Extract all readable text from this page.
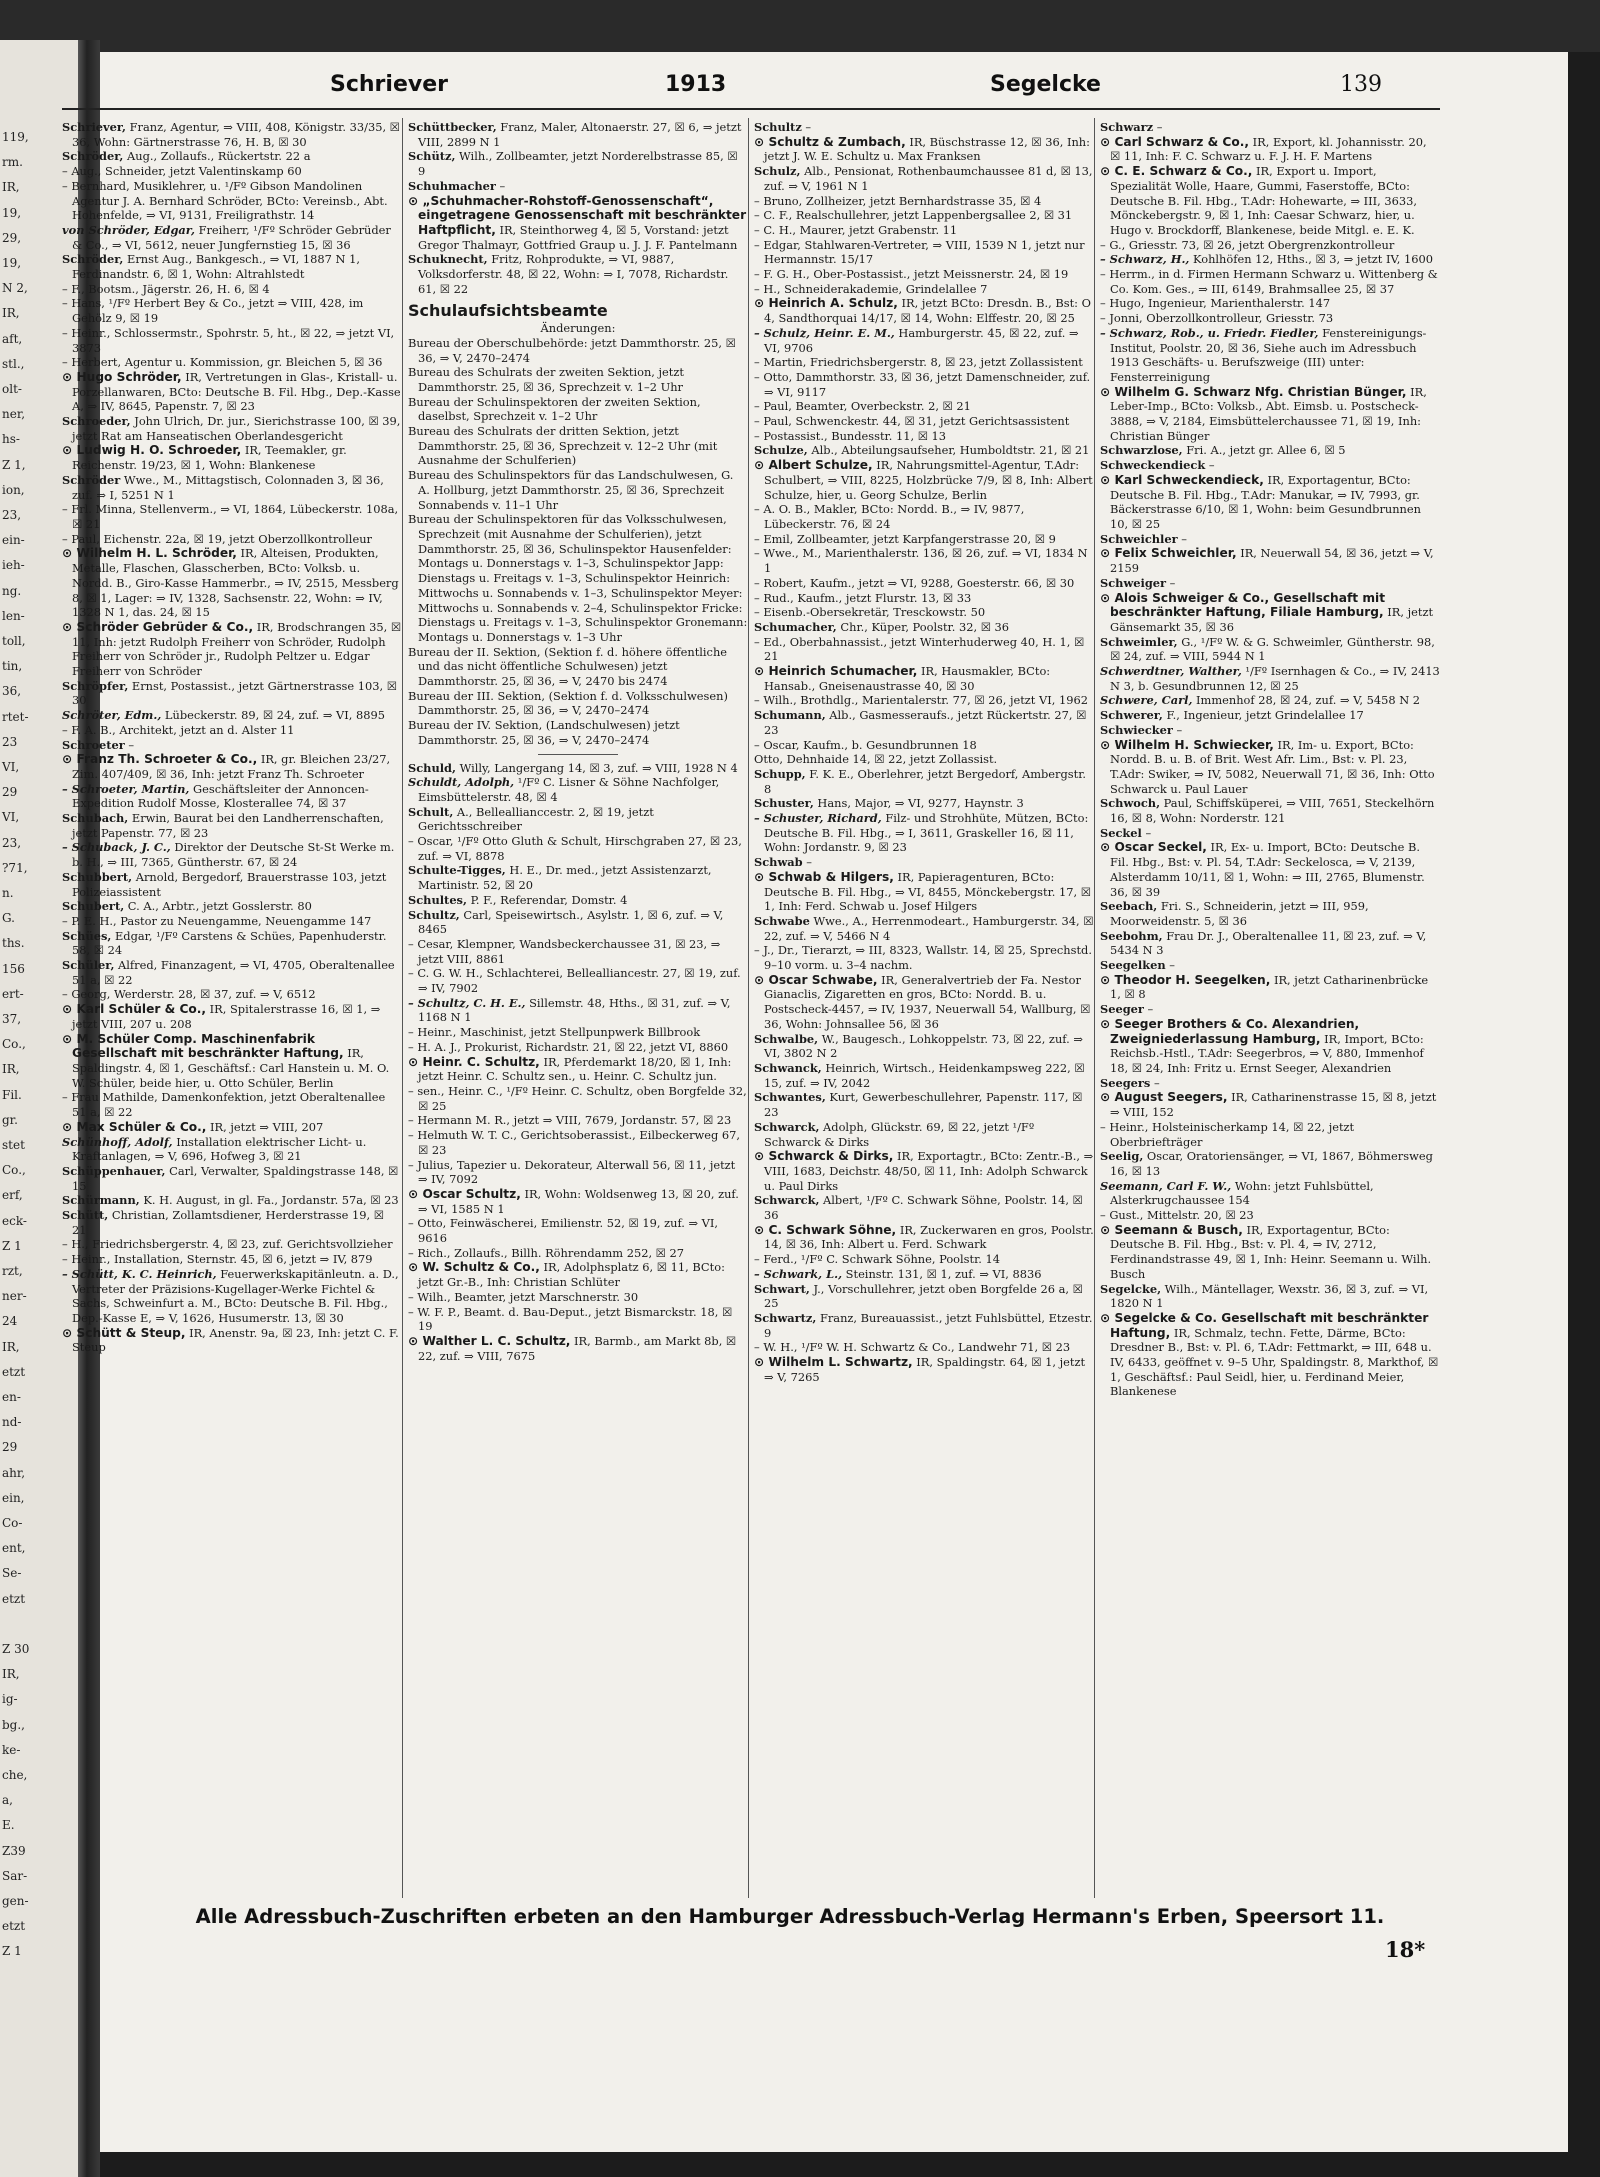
119,
rm.
IR,
19,
29,
19,
N 2,
IR,
aft,
stl.,
olt-
ner,
hs-
Z 1,
ion,
23,
ein-
ieh-
ng.
len-
toll,
tin,
36,
rtet-
23
VI,
29
VI,
23,
?71,
n.
G.
ths.
156
ert-
37,
Co.,
IR,
Fil.
gr.
stet
Co.,
erf,
eck-
Z 1
rzt,
ner-
24
IR,
etzt
en-
nd-
29
ahr,
ein,
Co-
ent,
Se-
etzt
Z 30
IR,
ig-
bg.,
ke-
che,
a,
E.
Z39
Sar-
gen-
etzt
Z 1
Schriever	1913	Segelcke	139
Schriever, Franz, Agentur, ⇒ VIII, 408, Königstr. 33/35, ☒ 36, Wohn: Gärtnerstrasse 76, H. B, ☒ 30
Schröder, Aug., Zollaufs., Rückertstr. 22 a
– Aug., Schneider, jetzt Valentinskamp 60
– Bernhard, Musiklehrer, u. ¹/Fº Gibson Mandolinen Agentur J. A. Bernhard Schröder, BCto: Vereinsb., Abt. Hohenfelde, ⇒ VI, 9131, Freiligrathstr. 14
von Schröder, Edgar, Freiherr, ¹/Fº Schröder Gebrüder & Co., ⇒ VI, 5612, neuer Jungfernstieg 15, ☒ 36
Schröder, Ernst Aug., Bankgesch., ⇒ VI, 1887 N 1, Ferdinandstr. 6, ☒ 1, Wohn: Altrahlstedt
– F., Bootsm., Jägerstr. 26, H. 6, ☒ 4
– Hans, ¹/Fº Herbert Bey & Co., jetzt ⇒ VIII, 428, im Gehölz 9, ☒ 19
– Heinr., Schlossermstr., Spohrstr. 5, ht., ☒ 22, ⇒ jetzt VI, 3873
– Herbert, Agentur u. Kommission, gr. Bleichen 5, ☒ 36
⊙ Hugo Schröder, IR, Vertretungen in Glas-, Kristall- u. Porzellanwaren, BCto: Deutsche B. Fil. Hbg., Dep.-Kasse A, ⇒ IV, 8645, Papenstr. 7, ☒ 23
Schroeder, John Ulrich, Dr. jur., Sierichstrasse 100, ☒ 39, jetzt Rat am Hanseatischen Oberlandesgericht
⊙ Ludwig H. O. Schroeder, IR, Teemakler, gr. Reichenstr. 19/23, ☒ 1, Wohn: Blankenese
Schröder Wwe., M., Mittagstisch, Colonnaden 3, ☒ 36, zuf. ⇒ I, 5251 N 1
– Frl. Minna, Stellenverm., ⇒ VI, 1864, Lübeckerstr. 108a, ☒ 21
– Paul, Eichenstr. 22a, ☒ 19, jetzt Oberzollkontrolleur
⊙ Wilhelm H. L. Schröder, IR, Alteisen, Produkten, Metalle, Flaschen, Glasscherben, BCto: Volksb. u. Nordd. B., Giro-Kasse Hammerbr., ⇒ IV, 2515, Messberg 8, ☒ 1, Lager: ⇒ IV, 1328, Sachsenstr. 22, Wohn: ⇒ IV, 1328 N 1, das. 24, ☒ 15
⊙ Schröder Gebrüder & Co., IR, Brodschrangen 35, ☒ 11, Inh: jetzt Rudolph Freiherr von Schröder, Rudolph Freiherr von Schröder jr., Rudolph Peltzer u. Edgar Freiherr von Schröder
Schröpfer, Ernst, Postassist., jetzt Gärtnerstrasse 103, ☒ 30
Schröter, Edm., Lübeckerstr. 89, ☒ 24, zuf. ⇒ VI, 8895
– F. A. B., Architekt, jetzt an d. Alster 11
Schroeter –
⊙ Franz Th. Schroeter & Co., IR, gr. Bleichen 23/27, Zim. 407/409, ☒ 36, Inh: jetzt Franz Th. Schroeter
– Schroeter, Martin, Geschäftsleiter der Annoncen-Expedition Rudolf Mosse, Klosterallee 74, ☒ 37
Schubach, Erwin, Baurat bei den Landherrenschaften, jetzt Papenstr. 77, ☒ 23
– Schuback, J. C., Direktor der Deutsche St-St Werke m. b. H., ⇒ III, 7365, Güntherstr. 67, ☒ 24
Schubbert, Arnold, Bergedorf, Brauerstrasse 103, jetzt Polizeiassistent
Schubert, C. A., Arbtr., jetzt Gosslerstr. 80
– P. E. H., Pastor zu Neuengamme, Neuengamme 147
Schües, Edgar, ¹/Fº Carstens & Schües, Papenhuderstr. 58, ☒ 24
Schüler, Alfred, Finanzagent, ⇒ VI, 4705, Oberaltenallee 51 a, ☒ 22
– Georg, Werderstr. 28, ☒ 37, zuf. ⇒ V, 6512
⊙ Karl Schüler & Co., IR, Spitalerstrasse 16, ☒ 1, ⇒ jetzt VIII, 207 u. 208
⊙ M. Schüler Comp. Maschinenfabrik Gesellschaft mit beschränkter Haftung, IR, Spaldingstr. 4, ☒ 1, Geschäftsf.: Carl Hanstein u. M. O. W. Schüler, beide hier, u. Otto Schüler, Berlin
– Frau Mathilde, Damenkonfektion, jetzt Oberaltenallee 51 a, ☒ 22
⊙ Max Schüler & Co., IR, jetzt ⇒ VIII, 207
Schünhoff, Adolf, Installation elektrischer Licht- u. Kraftanlagen, ⇒ V, 696, Hofweg 3, ☒ 21
Schüppenhauer, Carl, Verwalter, Spaldingstrasse 148, ☒ 15
Schürmann, K. H. August, in gl. Fa., Jordanstr. 57a, ☒ 23
Schütt, Christian, Zollamtsdiener, Herderstrasse 19, ☒ 21
– H., Friedrichsbergerstr. 4, ☒ 23, zuf. Gerichtsvollzieher
– Heinr., Installation, Sternstr. 45, ☒ 6, jetzt ⇒ IV, 879
– Schütt, K. C. Heinrich, Feuerwerkskapitänleutn. a. D., Vertreter der Präzisions-Kugellager-Werke Fichtel & Sachs, Schweinfurt a. M., BCto: Deutsche B. Fil. Hbg., Dep.-Kasse E, ⇒ V, 1626, Husumerstr. 13, ☒ 30
⊙ Schütt & Steup, IR, Anenstr. 9a, ☒ 23, Inh: jetzt C. F. Steup
Schüttbecker, Franz, Maler, Altonaerstr. 27, ☒ 6, ⇒ jetzt VIII, 2899 N 1
Schütz, Wilh., Zollbeamter, jetzt Norderelbstrasse 85, ☒ 9
Schuhmacher –
⊙ „Schuhmacher-Rohstoff-Genossenschaft“, eingetragene Genossenschaft mit beschränkter Haftpflicht, IR, Steinthorweg 4, ☒ 5, Vorstand: jetzt Gregor Thalmayr, Gottfried Graup u. J. J. F. Pantelmann
Schuknecht, Fritz, Rohprodukte, ⇒ VI, 9887, Volksdorferstr. 48, ☒ 22, Wohn: ⇒ I, 7078, Richardstr. 61, ☒ 22
Schulaufsichtsbeamte
Änderungen:
Bureau der Oberschulbehörde: jetzt Dammthorstr. 25, ☒ 36, ⇒ V, 2470–2474
Bureau des Schulrats der zweiten Sektion, jetzt Dammthorstr. 25, ☒ 36, Sprechzeit v. 1–2 Uhr
Bureau der Schulinspektoren der zweiten Sektion, daselbst, Sprechzeit v. 1–2 Uhr
Bureau des Schulrats der dritten Sektion, jetzt Dammthorstr. 25, ☒ 36, Sprechzeit v. 12–2 Uhr (mit Ausnahme der Schulferien)
Bureau des Schulinspektors für das Landschulwesen, G. A. Hollburg, jetzt Dammthorstr. 25, ☒ 36, Sprechzeit Sonnabends v. 11–1 Uhr
Bureau der Schulinspektoren für das Volksschulwesen, Sprechzeit (mit Ausnahme der Schulferien), jetzt Dammthorstr. 25, ☒ 36, Schulinspektor Hausenfelder: Montags u. Donnerstags v. 1–3, Schulinspektor Japp: Dienstags u. Freitags v. 1–3, Schulinspektor Heinrich: Mittwochs u. Sonnabends v. 1–3, Schulinspektor Meyer: Mittwochs u. Sonnabends v. 2–4, Schulinspektor Fricke: Dienstags u. Freitags v. 1–3, Schulinspektor Gronemann: Montags u. Donnerstags v. 1–3 Uhr
Bureau der II. Sektion, (Sektion f. d. höhere öffentliche und das nicht öffentliche Schulwesen) jetzt Dammthorstr. 25, ☒ 36, ⇒ V, 2470 bis 2474
Bureau der III. Sektion, (Sektion f. d. Volksschulwesen) Dammthorstr. 25, ☒ 36, ⇒ V, 2470–2474
Bureau der IV. Sektion, (Landschulwesen) jetzt Dammthorstr. 25, ☒ 36, ⇒ V, 2470–2474
Schuld, Willy, Langergang 14, ☒ 3, zuf. ⇒ VIII, 1928 N 4
Schuldt, Adolph, ¹/Fº C. Lisner & Söhne Nachfolger, Eimsbüttelerstr. 48, ☒ 4
Schult, A., Belleallianccestr. 2, ☒ 19, jetzt Gerichtsschreiber
– Oscar, ¹/Fº Otto Gluth & Schult, Hirschgraben 27, ☒ 23, zuf. ⇒ VI, 8878
Schulte-Tigges, H. E., Dr. med., jetzt Assistenzarzt, Martinistr. 52, ☒ 20
Schultes, P. F., Referendar, Domstr. 4
Schultz, Carl, Speisewirtsch., Asylstr. 1, ☒ 6, zuf. ⇒ V, 8465
– Cesar, Klempner, Wandsbeckerchaussee 31, ☒ 23, ⇒ jetzt VIII, 8861
– C. G. W. H., Schlachterei, Bellealliancestr. 27, ☒ 19, zuf. ⇒ IV, 7902
– Schultz, C. H. E., Sillemstr. 48, Hths., ☒ 31, zuf. ⇒ V, 1168 N 1
– Heinr., Maschinist, jetzt Stellpunpwerk Billbrook
– H. A. J., Prokurist, Richardstr. 21, ☒ 22, jetzt VI, 8860
⊙ Heinr. C. Schultz, IR, Pferdemarkt 18/20, ☒ 1, Inh: jetzt Heinr. C. Schultz sen., u. Heinr. C. Schultz jun.
– sen., Heinr. C., ¹/Fº Heinr. C. Schultz, oben Borgfelde 32, ☒ 25
– Hermann M. R., jetzt ⇒ VIII, 7679, Jordanstr. 57, ☒ 23
– Helmuth W. T. C., Gerichtsoberassist., Eilbeckerweg 67, ☒ 23
– Julius, Tapezier u. Dekorateur, Alterwall 56, ☒ 11, jetzt ⇒ IV, 7092
⊙ Oscar Schultz, IR, Wohn: Woldsenweg 13, ☒ 20, zuf. ⇒ VI, 1585 N 1
– Otto, Feinwäscherei, Emilienstr. 52, ☒ 19, zuf. ⇒ VI, 9616
– Rich., Zollaufs., Billh. Röhrendamm 252, ☒ 27
⊙ W. Schultz & Co., IR, Adolphsplatz 6, ☒ 11, BCto: jetzt Gr.-B., Inh: Christian Schlüter
– Wilh., Beamter, jetzt Marschnerstr. 30
– W. F. P., Beamt. d. Bau-Deput., jetzt Bismarckstr. 18, ☒ 19
⊙ Walther L. C. Schultz, IR, Barmb., am Markt 8b, ☒ 22, zuf. ⇒ VIII, 7675
Schultz –
⊙ Schultz & Zumbach, IR, Büschstrasse 12, ☒ 36, Inh: jetzt J. W. E. Schultz u. Max Franksen
Schulz, Alb., Pensionat, Rothenbaumchaussee 81 d, ☒ 13, zuf. ⇒ V, 1961 N 1
– Bruno, Zollheizer, jetzt Bernhardstrasse 35, ☒ 4
– C. F., Realschullehrer, jetzt Lappenbergsallee 2, ☒ 31
– C. H., Maurer, jetzt Grabenstr. 11
– Edgar, Stahlwaren-Vertreter, ⇒ VIII, 1539 N 1, jetzt nur Hermannstr. 15/17
– F. G. H., Ober-Postassist., jetzt Meissnerstr. 24, ☒ 19
– H., Schneiderakademie, Grindelallee 7
⊙ Heinrich A. Schulz, IR, jetzt BCto: Dresdn. B., Bst: O 4, Sandthorquai 14/17, ☒ 14, Wohn: Elffestr. 20, ☒ 25
– Schulz, Heinr. E. M., Hamburgerstr. 45, ☒ 22, zuf. ⇒ VI, 9706
– Martin, Friedrichsbergerstr. 8, ☒ 23, jetzt Zollassistent
– Otto, Dammthorstr. 33, ☒ 36, jetzt Damenschneider, zuf. ⇒ VI, 9117
– Paul, Beamter, Overbeckstr. 2, ☒ 21
– Paul, Schwenckestr. 44, ☒ 31, jetzt Gerichtsassistent
– Postassist., Bundesstr. 11, ☒ 13
Schulze, Alb., Abteilungsaufseher, Humboldtstr. 21, ☒ 21
⊙ Albert Schulze, IR, Nahrungsmittel-Agentur, T.Adr: Schulbert, ⇒ VIII, 8225, Holzbrücke 7/9, ☒ 8, Inh: Albert Schulze, hier, u. Georg Schulze, Berlin
– A. O. B., Makler, BCto: Nordd. B., ⇒ IV, 9877, Lübeckerstr. 76, ☒ 24
– Emil, Zollbeamter, jetzt Karpfangerstrasse 20, ☒ 9
– Wwe., M., Marienthalerstr. 136, ☒ 26, zuf. ⇒ VI, 1834 N 1
– Robert, Kaufm., jetzt ⇒ VI, 9288, Goesterstr. 66, ☒ 30
– Rud., Kaufm., jetzt Flurstr. 13, ☒ 33
– Eisenb.-Obersekretär, Tresckowstr. 50
Schumacher, Chr., Küper, Poolstr. 32, ☒ 36
– Ed., Oberbahnassist., jetzt Winterhuderweg 40, H. 1, ☒ 21
⊙ Heinrich Schumacher, IR, Hausmakler, BCto: Hansab., Gneisenaustrasse 40, ☒ 30
– Wilh., Brothdlg., Marientalerstr. 77, ☒ 26, jetzt VI, 1962
Schumann, Alb., Gasmesseraufs., jetzt Rückertstr. 27, ☒ 23
– Oscar, Kaufm., b. Gesundbrunnen 18
Otto, Dehnhaide 14, ☒ 22, jetzt Zollassist.
Schupp, F. K. E., Oberlehrer, jetzt Bergedorf, Ambergstr. 8
Schuster, Hans, Major, ⇒ VI, 9277, Haynstr. 3
– Schuster, Richard, Filz- und Strohhüte, Mützen, BCto: Deutsche B. Fil. Hbg., ⇒ I, 3611, Graskeller 16, ☒ 11, Wohn: Jordanstr. 9, ☒ 23
Schwab –
⊙ Schwab & Hilgers, IR, Papieragenturen, BCto: Deutsche B. Fil. Hbg., ⇒ VI, 8455, Mönckebergstr. 17, ☒ 1, Inh: Ferd. Schwab u. Josef Hilgers
Schwabe Wwe., A., Herrenmodeart., Hamburgerstr. 34, ☒ 22, zuf. ⇒ V, 5466 N 4
– J., Dr., Tierarzt, ⇒ III, 8323, Wallstr. 14, ☒ 25, Sprechstd. 9–10 vorm. u. 3–4 nachm.
⊙ Oscar Schwabe, IR, Generalvertrieb der Fa. Nestor Gianaclis, Zigaretten en gros, BCto: Nordd. B. u. Postscheck-4457, ⇒ IV, 1937, Neuerwall 54, Wallburg, ☒ 36, Wohn: Johnsallee 56, ☒ 36
Schwalbe, W., Baugesch., Lohkoppelstr. 73, ☒ 22, zuf. ⇒ VI, 3802 N 2
Schwanck, Heinrich, Wirtsch., Heidenkampsweg 222, ☒ 15, zuf. ⇒ IV, 2042
Schwantes, Kurt, Gewerbeschullehrer, Papenstr. 117, ☒ 23
Schwarck, Adolph, Glückstr. 69, ☒ 22, jetzt ¹/Fº Schwarck & Dirks
⊙ Schwarck & Dirks, IR, Exportagtr., BCto: Zentr.-B., ⇒ VIII, 1683, Deichstr. 48/50, ☒ 11, Inh: Adolph Schwarck u. Paul Dirks
Schwarck, Albert, ¹/Fº C. Schwark Söhne, Poolstr. 14, ☒ 36
⊙ C. Schwark Söhne, IR, Zuckerwaren en gros, Poolstr. 14, ☒ 36, Inh: Albert u. Ferd. Schwark
– Ferd., ¹/Fº C. Schwark Söhne, Poolstr. 14
– Schwark, L., Steinstr. 131, ☒ 1, zuf. ⇒ VI, 8836
Schwart, J., Vorschullehrer, jetzt oben Borgfelde 26 a, ☒ 25
Schwartz, Franz, Bureauassist., jetzt Fuhlsbüttel, Etzestr. 9
– W. H., ¹/Fº W. H. Schwartz & Co., Landwehr 71, ☒ 23
⊙ Wilhelm L. Schwartz, IR, Spaldingstr. 64, ☒ 1, jetzt ⇒ V, 7265
Schwarz –
⊙ Carl Schwarz & Co., IR, Export, kl. Johannisstr. 20, ☒ 11, Inh: F. C. Schwarz u. F. J. H. F. Martens
⊙ C. E. Schwarz & Co., IR, Export u. Import, Spezialität Wolle, Haare, Gummi, Faserstoffe, BCto: Deutsche B. Fil. Hbg., T.Adr: Hohewarte, ⇒ III, 3633, Mönckebergstr. 9, ☒ 1, Inh: Caesar Schwarz, hier, u. Hugo v. Brockdorff, Blankenese, beide Mitgl. e. E. K.
– G., Griesstr. 73, ☒ 26, jetzt Obergrenzkontrolleur
– Schwarz, H., Kohlhöfen 12, Hths., ☒ 3, ⇒ jetzt IV, 1600
– Herrm., in d. Firmen Hermann Schwarz u. Wittenberg & Co. Kom. Ges., ⇒ III, 6149, Brahmsallee 25, ☒ 37
– Hugo, Ingenieur, Marienthalerstr. 147
– Jonni, Oberzollkontrolleur, Griesstr. 73
– Schwarz, Rob., u. Friedr. Fiedler, Fenstereinigungs-Institut, Poolstr. 20, ☒ 36, Siehe auch im Adressbuch 1913 Geschäfts- u. Berufszweige (III) unter: Fensterreinigung
⊙ Wilhelm G. Schwarz Nfg. Christian Bünger, IR, Leber-Imp., BCto: Volksb., Abt. Eimsb. u. Postscheck-3888, ⇒ V, 2184, Eimsbüttelerchaussee 71, ☒ 19, Inh: Christian Bünger
Schwarzlose, Fri. A., jetzt gr. Allee 6, ☒ 5
Schweckendieck –
⊙ Karl Schweckendieck, IR, Exportagentur, BCto: Deutsche B. Fil. Hbg., T.Adr: Manukar, ⇒ IV, 7993, gr. Bäckerstrasse 6/10, ☒ 1, Wohn: beim Gesundbrunnen 10, ☒ 25
Schweichler –
⊙ Felix Schweichler, IR, Neuerwall 54, ☒ 36, jetzt ⇒ V, 2159
Schweiger –
⊙ Alois Schweiger & Co., Gesellschaft mit beschränkter Haftung, Filiale Hamburg, IR, jetzt Gänsemarkt 35, ☒ 36
Schweimler, G., ¹/Fº W. & G. Schweimler, Güntherstr. 98, ☒ 24, zuf. ⇒ VIII, 5944 N 1
Schwerdtner, Walther, ¹/Fº Isernhagen & Co., ⇒ IV, 2413 N 3, b. Gesundbrunnen 12, ☒ 25
Schwere, Carl, Immenhof 28, ☒ 24, zuf. ⇒ V, 5458 N 2
Schwerer, F., Ingenieur, jetzt Grindelallee 17
Schwiecker –
⊙ Wilhelm H. Schwiecker, IR, Im- u. Export, BCto: Nordd. B. u. B. of Brit. West Afr. Lim., Bst: v. Pl. 23, T.Adr: Swiker, ⇒ IV, 5082, Neuerwall 71, ☒ 36, Inh: Otto Schwarck u. Paul Lauer
Schwoch, Paul, Schiffsküperei, ⇒ VIII, 7651, Steckelhörn 16, ☒ 8, Wohn: Norderstr. 121
Seckel –
⊙ Oscar Seckel, IR, Ex- u. Import, BCto: Deutsche B. Fil. Hbg., Bst: v. Pl. 54, T.Adr: Seckelosca, ⇒ V, 2139, Alsterdamm 10/11, ☒ 1, Wohn: ⇒ III, 2765, Blumenstr. 36, ☒ 39
Seebach, Fri. S., Schneiderin, jetzt ⇒ III, 959, Moorweidenstr. 5, ☒ 36
Seebohm, Frau Dr. J., Oberaltenallee 11, ☒ 23, zuf. ⇒ V, 5434 N 3
Seegelken –
⊙ Theodor H. Seegelken, IR, jetzt Catharinenbrücke 1, ☒ 8
Seeger –
⊙ Seeger Brothers & Co. Alexandrien, Zweigniederlassung Hamburg, IR, Import, BCto: Reichsb.-Hstl., T.Adr: Seegerbros, ⇒ V, 880, Immenhof 18, ☒ 24, Inh: Fritz u. Ernst Seeger, Alexandrien
Seegers –
⊙ August Seegers, IR, Catharinenstrasse 15, ☒ 8, jetzt ⇒ VIII, 152
– Heinr., Holsteinischerkamp 14, ☒ 22, jetzt Oberbriefträger
Seelig, Oscar, Oratoriensänger, ⇒ VI, 1867, Böhmersweg 16, ☒ 13
Seemann, Carl F. W., Wohn: jetzt Fuhlsbüttel, Alsterkrugchaussee 154
– Gust., Mittelstr. 20, ☒ 23
⊙ Seemann & Busch, IR, Exportagentur, BCto: Deutsche B. Fil. Hbg., Bst: v. Pl. 4, ⇒ IV, 2712, Ferdinandstrasse 49, ☒ 1, Inh: Heinr. Seemann u. Wilh. Busch
Segelcke, Wilh., Mäntellager, Wexstr. 36, ☒ 3, zuf. ⇒ VI, 1820 N 1
⊙ Segelcke & Co. Gesellschaft mit beschränkter Haftung, IR, Schmalz, techn. Fette, Därme, BCto: Dresdner B., Bst: v. Pl. 6, T.Adr: Fettmarkt, ⇒ III, 648 u. IV, 6433, geöffnet v. 9–5 Uhr, Spaldingstr. 8, Markthof, ☒ 1, Geschäftsf.: Paul Seidl, hier, u. Ferdinand Meier, Blankenese
Alle Adressbuch-Zuschriften erbeten an den Hamburger Adressbuch-Verlag Hermann's Erben, Speersort 11.
18*
